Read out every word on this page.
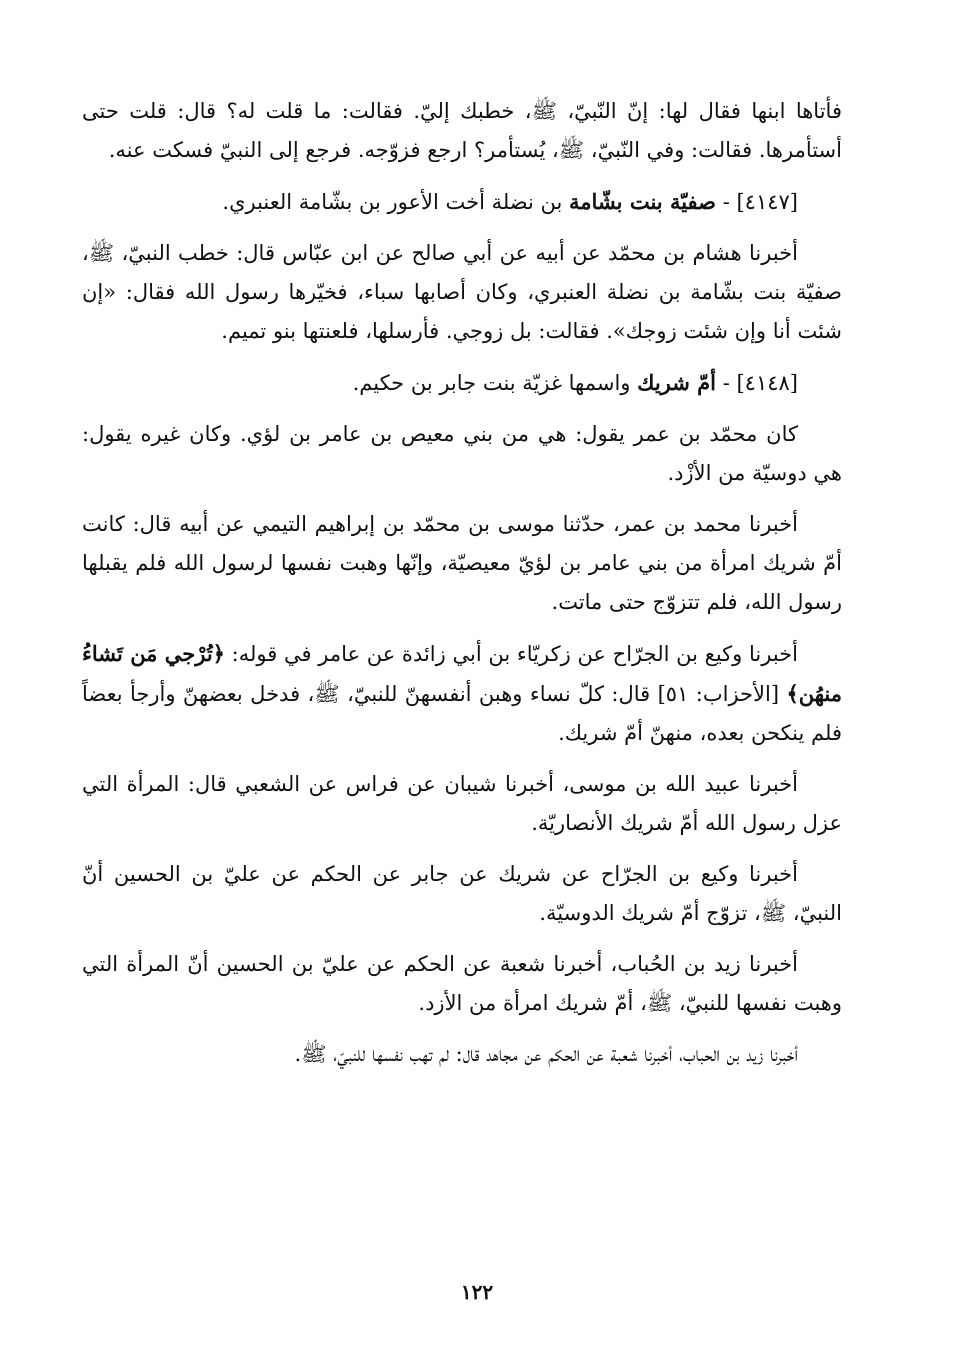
فأتاها ابنها فقال لها: إنّ النّبيّ، ﷺ، خطبك إليّ. فقالت: ما قلت له؟ قال: قلت حتى أستأمرها. فقالت: وفي النّبيّ، ﷺ، يُستأمر؟ ارجع فزوّجه. فرجع إلى النبيّ فسكت عنه.

[٤١٤٧] - صفيّة بنت بشّامة بن نضلة أخت الأعور بن بشّامة العنبري.

أخبرنا هشام بن محمّد عن أبيه عن أبي صالح عن ابن عبّاس قال: خطب النبيّ، ﷺ، صفيّة بنت بشّامة بن نضلة العنبري، وكان أصابها سباء، فخيّرها رسول الله فقال: «إن شئت أنا وإن شئت زوجك». فقالت: بل زوجي. فأرسلها، فلعنتها بنو تميم.

[٤١٤٨] - أمّ شريك واسمها غزيّة بنت جابر بن حكيم.

كان محمّد بن عمر يقول: هي من بني معيص بن عامر بن لؤي. وكان غيره يقول: هي دوسيّة من الأزْد.

أخبرنا محمد بن عمر، حدّثنا موسى بن محمّد بن إبراهيم التيمي عن أبيه قال: كانت أمّ شريك امرأة من بني عامر بن لؤيّ معيصيّة، وإنّها وهبت نفسها لرسول الله فلم يقبلها رسول الله، فلم تتزوّج حتى ماتت.

أخبرنا وكيع بن الجرّاح عن زكريّاء بن أبي زائدة عن عامر في قوله: ﴿تُرْجي مَن تَشاءُ منهُن﴾ [الأحزاب: ٥١] قال: كلّ نساء وهبن أنفسهنّ للنبيّ، ﷺ، فدخل بعضهنّ وأرجأ بعضاً فلم ينكحن بعده، منهنّ أمّ شريك.

أخبرنا عبيد الله بن موسى، أخبرنا شيبان عن فراس عن الشعبي قال: المرأة التي عزل رسول الله أمّ شريك الأنصاريّة.

أخبرنا وكيع بن الجرّاح عن شريك عن جابر عن الحكم عن عليّ بن الحسين أنّ النبيّ، ﷺ، تزوّج أمّ شريك الدوسيّة.

أخبرنا زيد بن الحُباب، أخبرنا شعبة عن الحكم عن عليّ بن الحسين أنّ المرأة التي وهبت نفسها للنبيّ، ﷺ، أمّ شريك امرأة من الأزد.

أخبرنا زيد بن الحباب، أخبرنا شعبة عن الحكم عن مجاهد قال: لم تهب نفسها للنبيّ، ﷺ.

١٢٢
